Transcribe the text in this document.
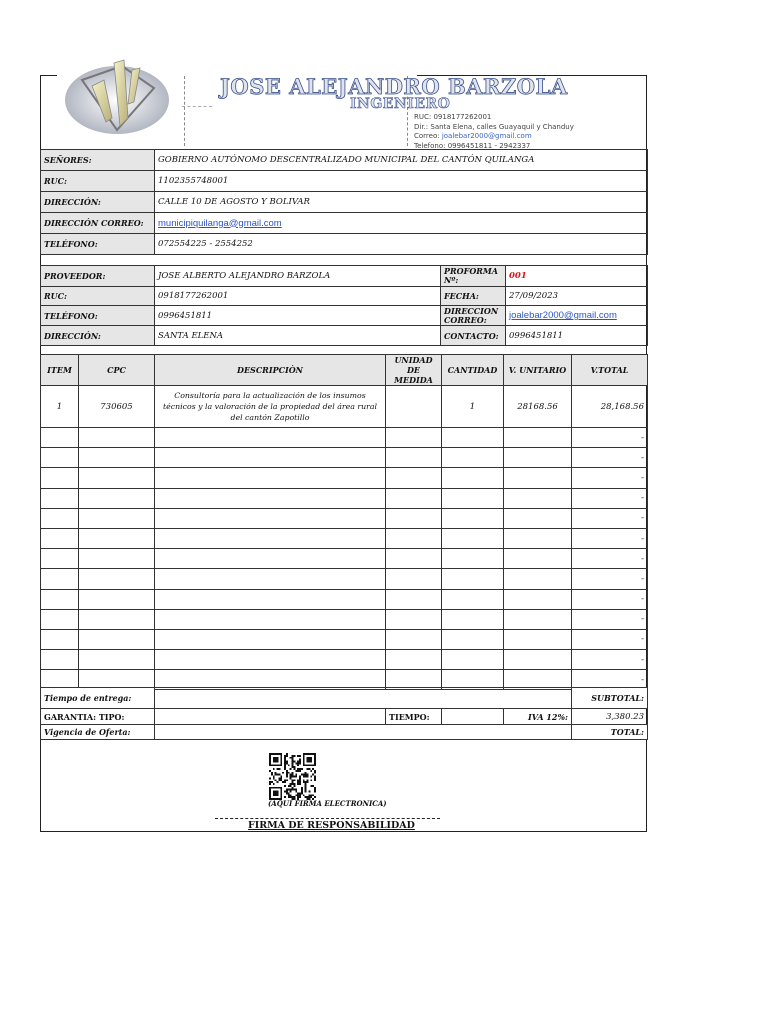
JOSE ALEJANDRO BARZOLA
INGENIERO
RUC: 0918177262001
Dir.: Santa Elena, calles Guayaquil y Chanduy
Correo: joalebar2000@gmail.com
Telefono: 0996451811 - 2942337
SEÑORES:	GOBIERNO AUTÓNOMO DESCENTRALIZADO MUNICIPAL DEL CANTÓN QUILANGA
RUC:	1102355748001
DIRECCIÓN:	CALLE 10 DE AGOSTO Y BOLIVAR
DIRECCIÓN CORREO:	municipiquilanga@gmail.com
TELÉFONO:	072554225 - 2554252
PROVEEDOR:	JOSE ALBERTO ALEJANDRO BARZOLA	PROFORMA Nº:	001
RUC:	0918177262001	FECHA:	27/09/2023
TELÉFONO:	0996451811	DIRECCION CORREO:	joalebar2000@gmail.com
DIRECCIÓN:	SANTA ELENA	CONTACTO:	0996451811
ITEM	CPC	DESCRIPCIÒN	UNIDAD DE MEDIDA	CANTIDAD	V. UNITARIO	V.TOTAL
1	730605	Consultoría para la actualización de los insumos técnicos y la valoración de la propiedad del área rural del cantón Zapotillo		1	28168.56	28,168.56
						-
						-
						-
						-
						-
						-
						-
						-
						-
						-
						-
						-
						-
Tiempo de entrega:					SUBTOTAL:	
GARANTIA: TIPO:		TIEMPO:		IVA 12%:	3,380.23	
Vigencia de Oferta:					TOTAL:	
(AQUI FIRMA ELECTRONICA)
FIRMA DE RESPONSABILIDAD
